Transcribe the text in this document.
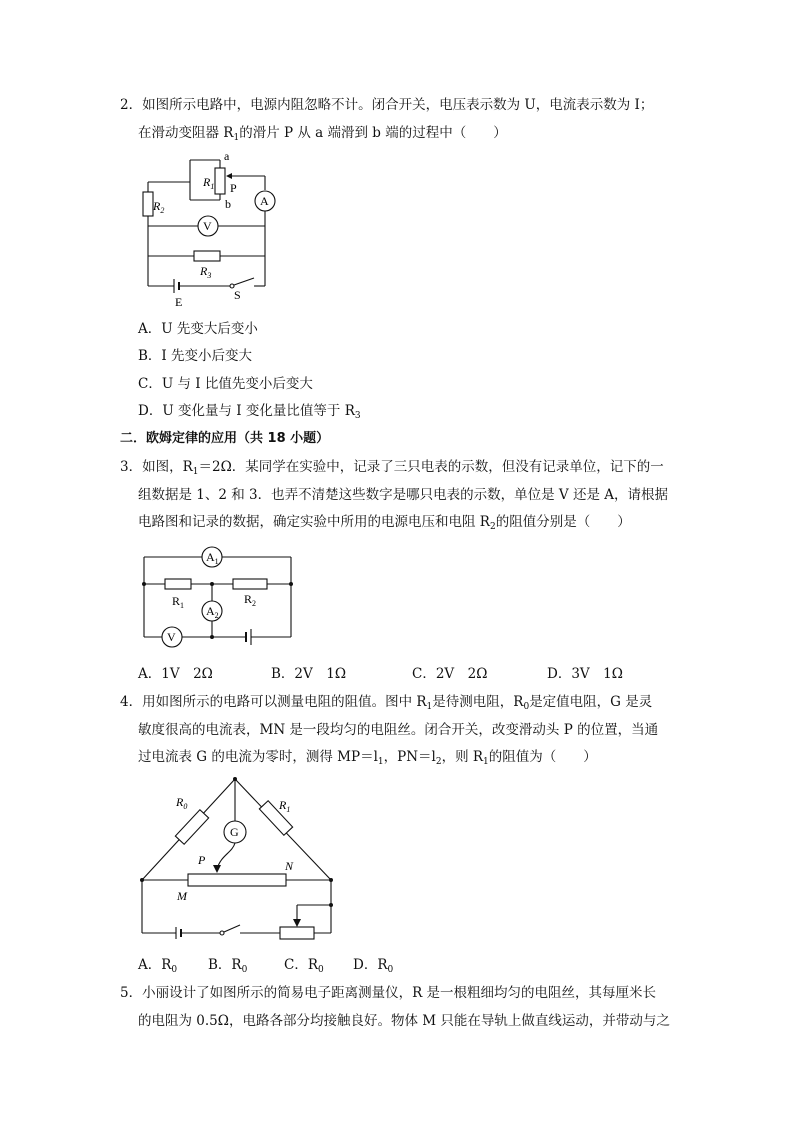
2．如图所示电路中，电源内阻忽略不计。闭合开关，电压表示数为 U，电流表示数为 I；
在滑动变阻器 $R_1$的滑片 P 从 a 端滑到 b 端的过程中（　　）
a
b
$R_1$ P
A
$R_2$
V
$R_3$
E	S
A．U 先变大后变小
B．I 先变小后变大
C．U 与 I 比值先变小后变大
D．U 变化量与 I 变化量比值等于 $R_3$
二．欧姆定律的应用（共 18 小题）
3．如图，$R_1=2\Omega$．某同学在实验中，记录了三只电表的示数，但没有记录单位，记下的一
组数据是 1、2 和 3．也弄不清楚这些数字是哪只电表的示数，单位是 V 还是 A，请根据
电路图和记录的数据，确定实验中所用的电源电压和电阻 $R_2$的阻值分别是（　　）
$A_1$
$R_1$	$R_2$
$A_2$
V
A．1V　2Ω	B．2V　1Ω	C．2V　2Ω	D．3V　1Ω
4．用如图所示的电路可以测量电阻的阻值。图中 $R_1$是待测电阻，$R_0$是定值电阻，G 是灵
敏度很高的电流表，MN 是一段均匀的电阻丝。闭合开关，改变滑动头 P 的位置，当通
过电流表 G 的电流为零时，测得 $MP=l_1$，$PN=l_2$，则 $R_1$的阻值为（　　）
$R_0$	$R_1$
G
P	N
M
A．$R_0$ B．$R_0$	C．$R_0$ D．$R_0$
5．小丽设计了如图所示的简易电子距离测量仪，R 是一根粗细均匀的电阻丝，其每厘米长
的电阻为 0.5Ω，电路各部分均接触良好。物体 M 只能在导轨上做直线运动，并带动与之
